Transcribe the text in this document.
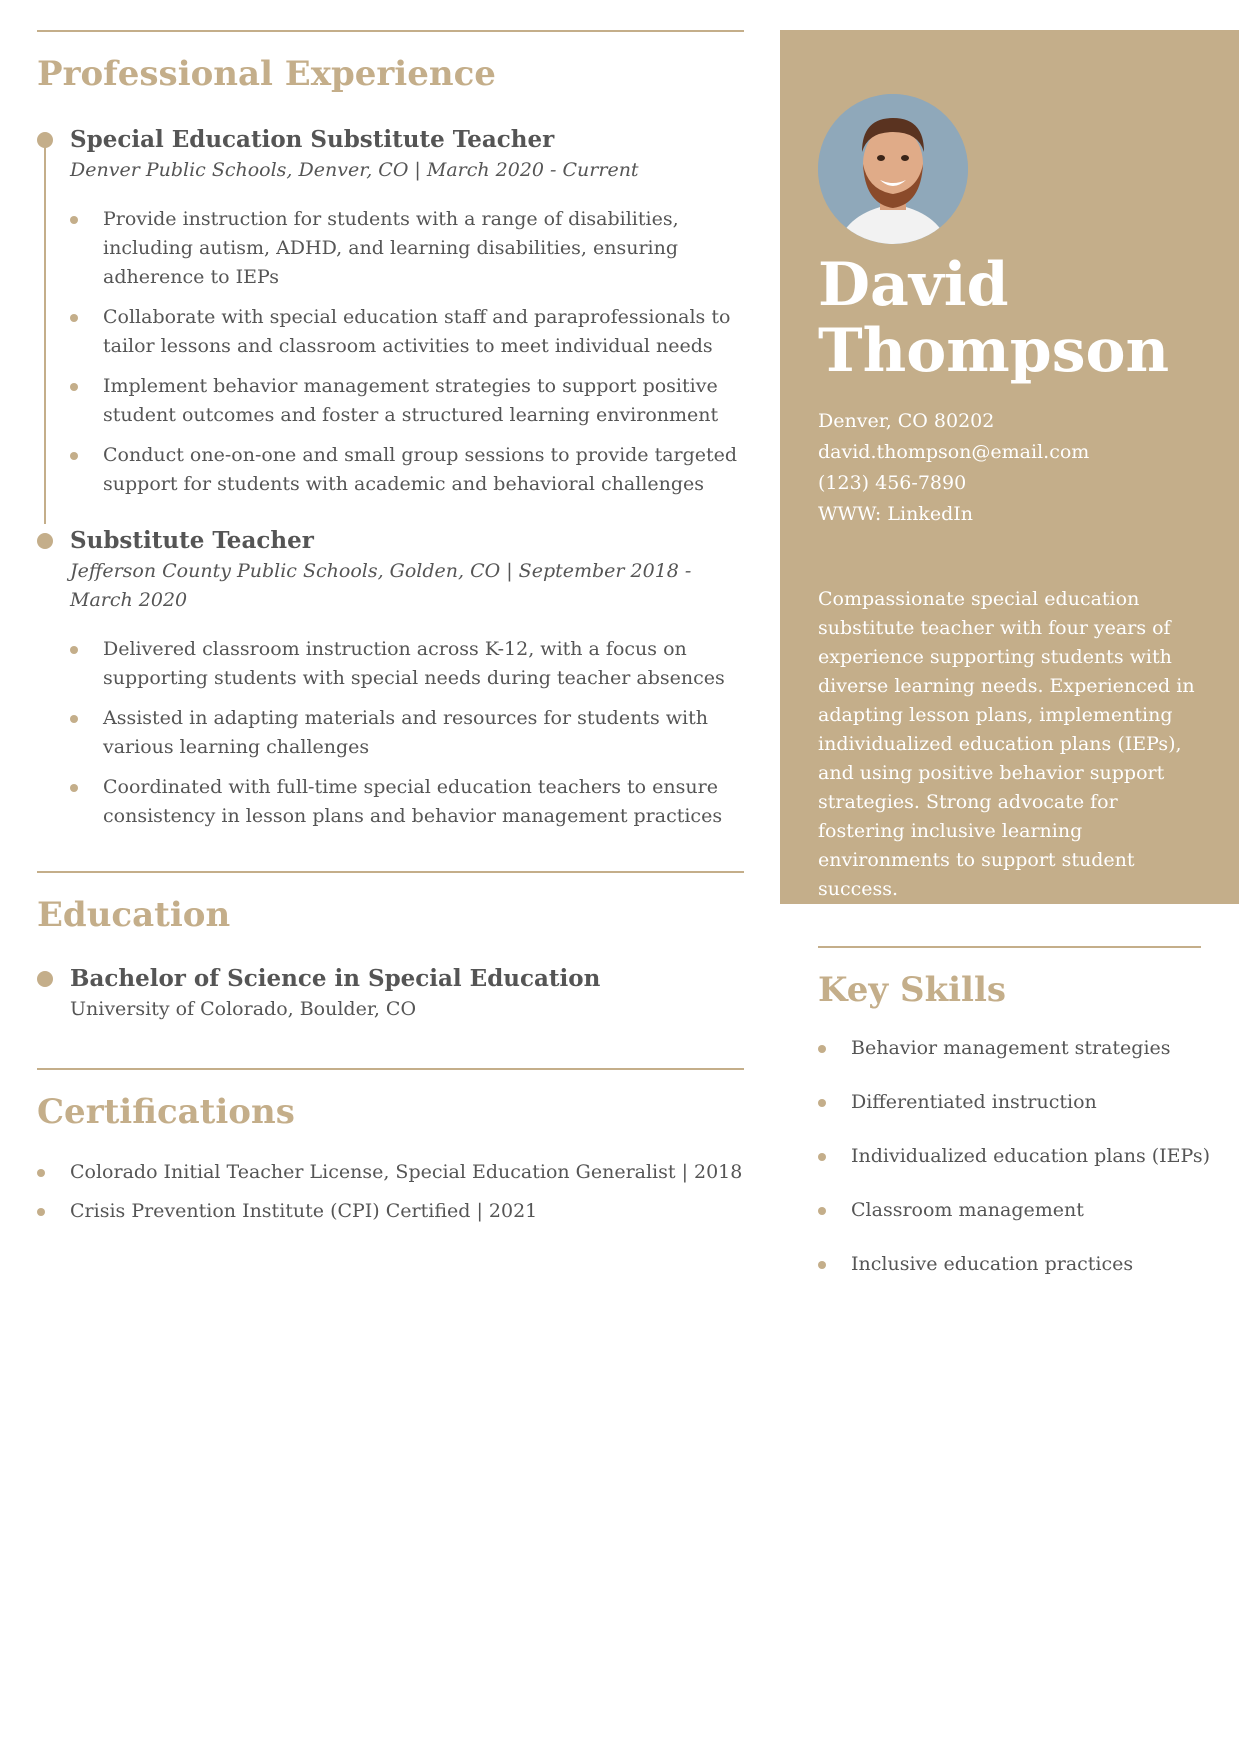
Professional Experience
Special Education Substitute Teacher
Denver Public Schools, Denver, CO | March 2020 - Current
Provide instruction for students with a range of disabilities, including autism, ADHD, and learning disabilities, ensuring adherence to IEPs
Collaborate with special education staff and paraprofessionals to tailor lessons and classroom activities to meet individual needs
Implement behavior management strategies to support positive student outcomes and foster a structured learning environment
Conduct one-on-one and small group sessions to provide targeted support for students with academic and behavioral challenges
Substitute Teacher
Jefferson County Public Schools, Golden, CO | September 2018 - March 2020
Delivered classroom instruction across K-12, with a focus on supporting students with special needs during teacher absences
Assisted in adapting materials and resources for students with various learning challenges
Coordinated with full-time special education teachers to ensure consistency in lesson plans and behavior management practices
Education
Bachelor of Science in Special Education
University of Colorado, Boulder, CO
Certifications
Colorado Initial Teacher License, Special Education Generalist | 2018
Crisis Prevention Institute (CPI) Certified | 2021
David
Thompson
Denver, CO 80202
david.thompson@email.com
(123) 456-7890
WWW: LinkedIn
Compassionate special education substitute teacher with four years of experience supporting students with diverse learning needs. Experienced in adapting lesson plans, implementing individualized education plans (IEPs), and using positive behavior support strategies. Strong advocate for fostering inclusive learning environments to support student success.
Key Skills
Behavior management strategies
Differentiated instruction
Individualized education plans (IEPs)
Classroom management
Inclusive education practices
